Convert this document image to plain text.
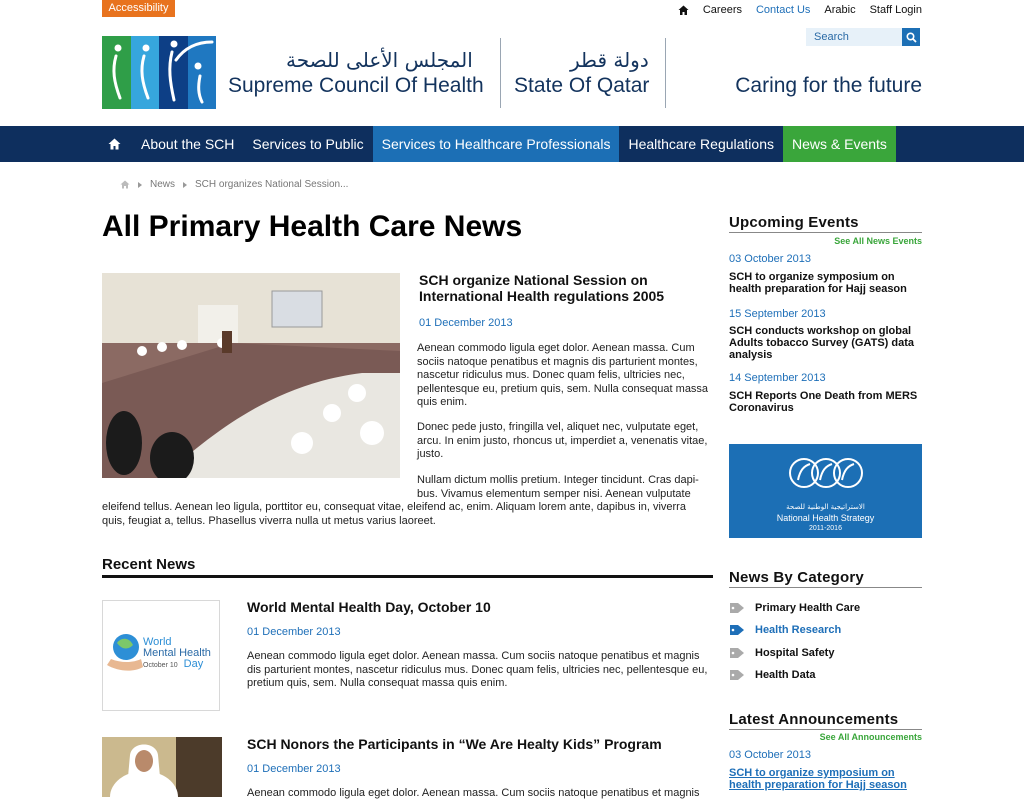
Accessibility	Careers Contact Us Arabic Staff Login
Search
المجلس الأعلى للصحة
Supreme Council Of Health
دولة قطر
State Of Qatar	Caring for the future
About the SCH	Services to Public	Services to Healthcare Professionals	Healthcare Regulations	News & Events
News SCH organizes National Session...
All Primary Health Care News
SCH organize National Session on International Health regulations 2005
01 December 2013
Aenean commodo ligula eget dolor. Aenean massa. Cum sociis natoque penatibus et magnis dis parturient montes, nascetur ridiculus mus. Donec quam felis, ultricies nec, pellentesque eu, pretium quis, sem. Nulla consequat massa quis enim.
Donec pede justo, fringilla vel, aliquet nec, vulputate eget, arcu. In enim justo, rhoncus ut, imperdiet a, venenatis vitae, justo.
Nullam dictum mollis pretium. Integer tincidunt. Cras dapi-bus. Vivamus elementum semper nisi. Aenean vulputate
eleifend tellus. Aenean leo ligula, porttitor eu, consequat vitae, eleifend ac, enim. Aliquam lorem ante, dapibus in, viverra quis, feugiat a, tellus. Phasellus viverra nulla ut metus varius laoreet.
Recent News
World
Mental Health
October 10 Day
World Mental Health Day, October 10
01 December 2013
Aenean commodo ligula eget dolor. Aenean massa. Cum sociis natoque penatibus et magnis dis parturient montes, nascetur ridiculus mus. Donec quam felis, ultricies nec, pellentesque eu, pretium quis, sem. Nulla consequat massa quis enim.
SCH Nonors the Participants in “We Are Healty Kids” Program
01 December 2013
Aenean commodo ligula eget dolor. Aenean massa. Cum sociis natoque penatibus et magnis
Upcoming Events
See All News Events
03 October 2013
SCH to organize symposium on health preparation for Hajj season
15 September 2013
SCH conducts workshop on global Adults tobacco Survey (GATS) data analysis
14 September 2013
SCH Reports One Death from MERS Coronavirus
الاستراتيجية الوطنية للصحة
National Health Strategy
2011-2016
News By Category
Primary Health Care
Health Research
Hospital Safety
Health Data
Latest Announcements
See All Announcements
03 October 2013
SCH to organize symposium on health preparation for Hajj season
